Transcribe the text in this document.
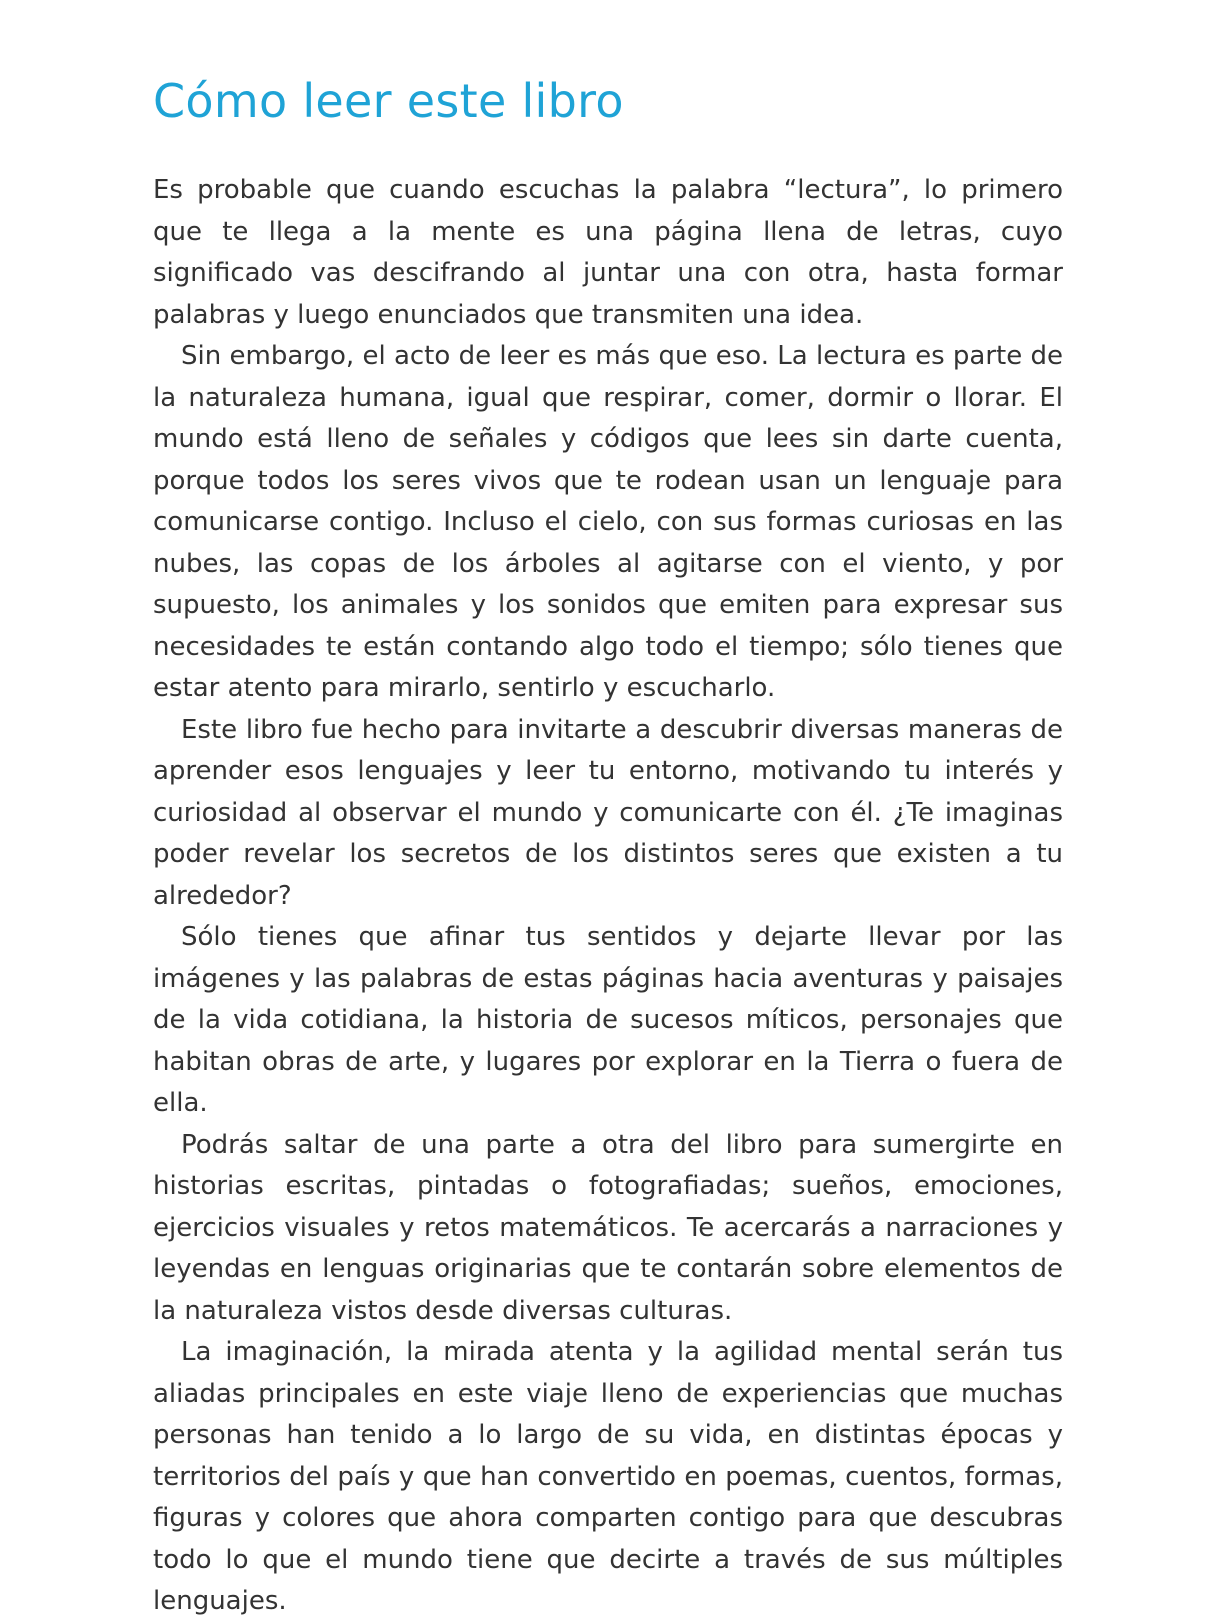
Cómo leer este libro

Es probable que cuando escuchas la palabra “lectura”, lo primero que te llega a la mente es una página llena de letras, cuyo significado vas descifrando al juntar una con otra, hasta formar palabras y luego enunciados que transmiten una idea.

Sin embargo, el acto de leer es más que eso. La lectura es parte de la naturaleza humana, igual que respirar, comer, dormir o llorar. El mundo está lleno de señales y códigos que lees sin darte cuenta, porque todos los seres vivos que te rodean usan un lenguaje para comunicarse contigo. Incluso el cielo, con sus formas curiosas en las nubes, las copas de los árboles al agitarse con el viento, y por supuesto, los animales y los sonidos que emiten para expresar sus necesidades te están contando algo todo el tiempo; sólo tienes que estar atento para mirarlo, sentirlo y escucharlo.

Este libro fue hecho para invitarte a descubrir diversas maneras de aprender esos lenguajes y leer tu entorno, motivando tu interés y curiosidad al observar el mundo y comunicarte con él. ¿Te imaginas poder revelar los secretos de los distintos seres que existen a tu alrededor?

Sólo tienes que afinar tus sentidos y dejarte llevar por las imágenes y las palabras de estas páginas hacia aventuras y paisajes de la vida cotidiana, la historia de sucesos míticos, personajes que habitan obras de arte, y lugares por explorar en la Tierra o fuera de ella.

Podrás saltar de una parte a otra del libro para sumergirte en historias escritas, pintadas o fotografiadas; sueños, emociones, ejercicios visuales y retos matemáticos. Te acercarás a narraciones y leyendas en lenguas originarias que te contarán sobre elementos de la naturaleza vistos desde diversas culturas.

La imaginación, la mirada atenta y la agilidad mental serán tus aliadas principales en este viaje lleno de experiencias que muchas personas han tenido a lo largo de su vida, en distintas épocas y territorios del país y que han convertido en poemas, cuentos, formas, figuras y colores que ahora comparten contigo para que descubras todo lo que el mundo tiene que decirte a través de sus múltiples lenguajes.
